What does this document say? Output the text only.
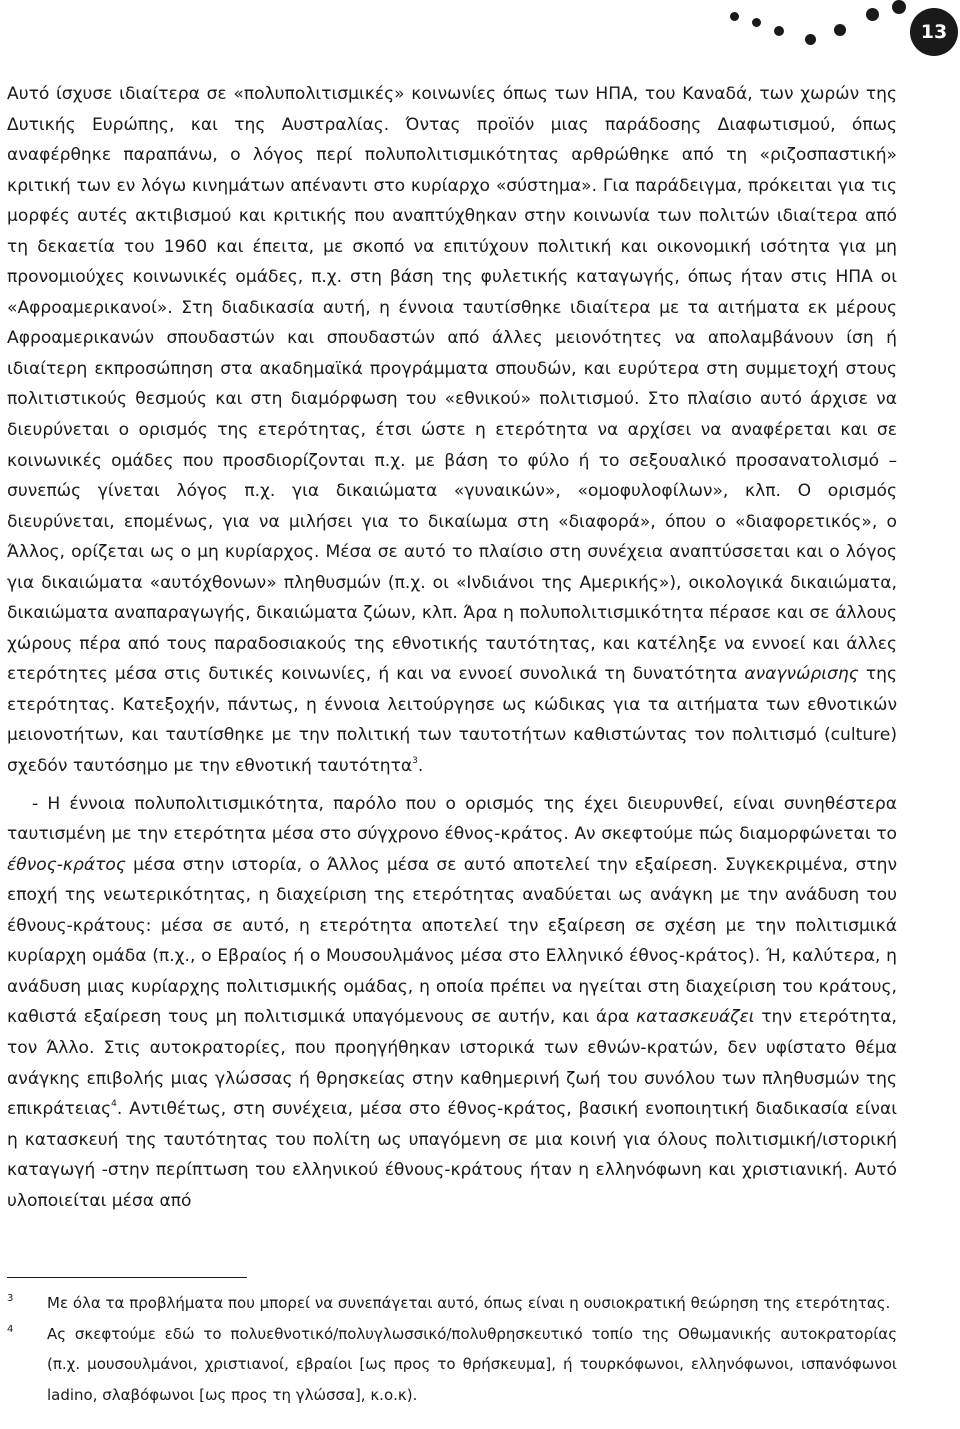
13

Αυτό ίσχυσε ιδιαίτερα σε «πολυπολιτισμικές» κοινωνίες όπως των ΗΠΑ, του Καναδά, των χωρών της Δυτικής Ευρώπης, και της Αυστραλίας. Όντας προϊόν μιας παράδοσης Διαφωτισμού, όπως αναφέρθηκε παραπάνω, ο λόγος περί πολυπολιτισμικότητας αρθρώθηκε από τη «ριζοσπαστική» κριτική των εν λόγω κινημάτων απέναντι στο κυρίαρχο «σύστημα». Για παράδειγμα, πρόκειται για τις μορφές αυτές ακτιβισμού και κριτικής που αναπτύχθηκαν στην κοινωνία των πολιτών ιδιαίτερα από τη δεκαετία του 1960 και έπειτα, με σκοπό να επιτύχουν πολιτική και οικονομική ισότητα για μη προνομιούχες κοινωνικές ομάδες, π.χ. στη βάση της φυλετικής καταγωγής, όπως ήταν στις ΗΠΑ οι «Αφροαμερικανοί». Στη διαδικασία αυτή, η έννοια ταυτίσθηκε ιδιαίτερα με τα αιτήματα εκ μέρους Αφροαμερικανών σπουδαστών και σπουδαστών από άλλες μειονότητες να απολαμβάνουν ίση ή ιδιαίτερη εκπροσώπηση στα ακαδημαϊκά προγράμματα σπουδών, και ευρύτερα στη συμμετοχή στους πολιτιστικούς θεσμούς και στη διαμόρφωση του «εθνικού» πολιτισμού. Στο πλαίσιο αυτό άρχισε να διευρύνεται ο ορισμός της ετερότητας, έτσι ώστε η ετερότητα να αρχίσει να αναφέρεται και σε κοινωνικές ομάδες που προσδιορίζονται π.χ. με βάση το φύλο ή το σεξουαλικό προσανατολισμό –συνεπώς γίνεται λόγος π.χ. για δικαιώματα «γυναικών», «ομοφυλοφίλων», κλπ. Ο ορισμός διευρύνεται, επομένως, για να μιλήσει για το δικαίωμα στη «διαφορά», όπου ο «διαφορετικός», ο Άλλος, ορίζεται ως ο μη κυρίαρχος. Μέσα σε αυτό το πλαίσιο στη συνέχεια αναπτύσσεται και ο λόγος για δικαιώματα «αυτόχθονων» πληθυσμών (π.χ. οι «Ινδιάνοι της Αμερικής»), οικολογικά δικαιώματα, δικαιώματα αναπαραγωγής, δικαιώματα ζώων, κλπ. Άρα η πολυπολιτισμικότητα πέρασε και σε άλλους χώρους πέρα από τους παραδοσιακούς της εθνοτικής ταυτότητας, και κατέληξε να εννοεί και άλλες ετερότητες μέσα στις δυτικές κοινωνίες, ή και να εννοεί συνολικά τη δυνατότητα αναγνώρισης της ετερότητας. Κατεξοχήν, πάντως, η έννοια λειτούργησε ως κώδικας για τα αιτήματα των εθνοτικών μειονοτήτων, και ταυτίσθηκε με την πολιτική των ταυτοτήτων καθιστώντας τον πολιτισμό (culture) σχεδόν ταυτόσημο με την εθνοτική ταυτότητα$^3$.

- Η έννοια πολυπολιτισμικότητα, παρόλο που ο ορισμός της έχει διευρυνθεί, είναι συνηθέστερα ταυτισμένη με την ετερότητα μέσα στο σύγχρονο έθνος-κράτος. Αν σκεφτούμε πώς διαμορφώνεται το έθνος-κράτος μέσα στην ιστορία, ο Άλλος μέσα σε αυτό αποτελεί την εξαίρεση. Συγκεκριμένα, στην εποχή της νεωτερικότητας, η διαχείριση της ετερότητας αναδύεται ως ανάγκη με την ανάδυση του έθνους-κράτους: μέσα σε αυτό, η ετερότητα αποτελεί την εξαίρεση σε σχέση με την πολιτισμικά κυρίαρχη ομάδα (π.χ., ο Εβραίος ή ο Μουσουλμάνος μέσα στο Ελληνικό έθνος-κράτος). Ή, καλύτερα, η ανάδυση μιας κυρίαρχης πολιτισμικής ομάδας, η οποία πρέπει να ηγείται στη διαχείριση του κράτους, καθιστά εξαίρεση τους μη πολιτισμικά υπαγόμενους σε αυτήν, και άρα κατασκευάζει την ετερότητα, τον Άλλο. Στις αυτοκρατορίες, που προηγήθηκαν ιστορικά των εθνών-κρατών, δεν υφίστατο θέμα ανάγκης επιβολής μιας γλώσσας ή θρησκείας στην καθημερινή ζωή του συνόλου των πληθυσμών της επικράτειας$^4$. Αντιθέτως, στη συνέχεια, μέσα στο έθνος-κράτος, βασική ενοποιητική διαδικασία είναι η κατασκευή της ταυτότητας του πολίτη ως υπαγόμενη σε μια κοινή για όλους πολιτισμική/ιστορική καταγωγή -στην περίπτωση του ελληνικού έθνους-κράτους ήταν η ελληνόφωνη και χριστιανική. Αυτό υλοποιείται μέσα από

3 Με όλα τα προβλήματα που μπορεί να συνεπάγεται αυτό, όπως είναι η ουσιοκρατική θεώρηση της ετερότητας.
4 Ας σκεφτούμε εδώ το πολυεθνοτικό/πολυγλωσσικό/πολυθρησκευτικό τοπίο της Οθωμανικής αυτοκρατορίας (π.χ. μουσουλμάνοι, χριστιανοί, εβραίοι [ως προς το θρήσκευμα], ή τουρκόφωνοι, ελληνόφωνοι, ισπανόφωνοι ladino, σλαβόφωνοι [ως προς τη γλώσσα], κ.ο.κ).
